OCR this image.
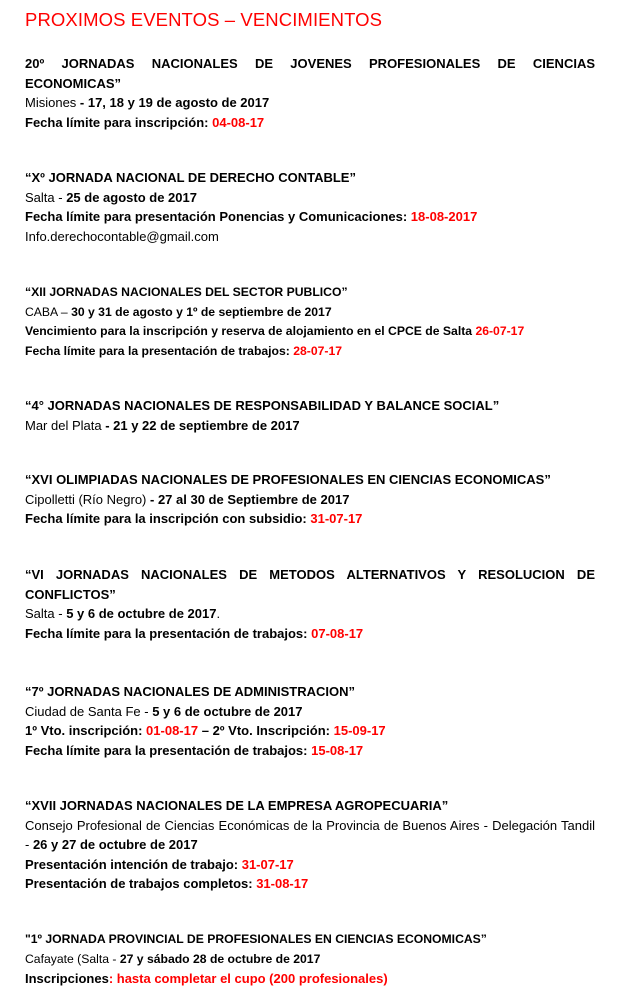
PROXIMOS EVENTOS – VENCIMIENTOS
20º JORNADAS NACIONALES DE JOVENES PROFESIONALES DE CIENCIAS ECONOMICAS”
Misiones - 17, 18 y 19 de agosto de 2017
Fecha límite para inscripción: 04-08-17
“Xº JORNADA NACIONAL DE DERECHO CONTABLE”
Salta - 25 de agosto de 2017
Fecha límite para presentación Ponencias y Comunicaciones: 18-08-2017
Info.derechocontable@gmail.com
“XII JORNADAS NACIONALES DEL SECTOR PUBLICO”
CABA – 30 y 31 de agosto y 1º de septiembre de 2017
Vencimiento para la inscripción y reserva de alojamiento en el CPCE de Salta 26-07-17
Fecha límite para la presentación de trabajos: 28-07-17
“4° JORNADAS NACIONALES DE RESPONSABILIDAD Y BALANCE SOCIAL”
Mar del Plata - 21 y 22 de septiembre de 2017
“XVI OLIMPIADAS NACIONALES DE PROFESIONALES EN CIENCIAS ECONOMICAS”
Cipolletti (Río Negro) - 27 al 30 de Septiembre de 2017
Fecha límite para la inscripción con subsidio: 31-07-17
“VI JORNADAS NACIONALES DE METODOS ALTERNATIVOS Y RESOLUCION DE CONFLICTOS”
Salta - 5 y 6 de octubre de 2017.
Fecha límite para la presentación de trabajos: 07-08-17
“7º JORNADAS NACIONALES DE ADMINISTRACION”
Ciudad de Santa Fe - 5 y 6 de octubre de 2017
1º Vto. inscripción: 01-08-17 – 2º Vto. Inscripción: 15-09-17
Fecha límite para la presentación de trabajos: 15-08-17
“XVII JORNADAS NACIONALES DE LA EMPRESA AGROPECUARIA”
Consejo Profesional de Ciencias Económicas de la Provincia de Buenos Aires - Delegación Tandil - 26 y 27 de octubre de 2017
Presentación intención de trabajo: 31-07-17
Presentación de trabajos completos: 31-08-17
"1º JORNADA PROVINCIAL DE PROFESIONALES EN CIENCIAS ECONOMICAS”
Cafayate (Salta - 27 y sábado 28 de octubre de 2017
Inscripciones: hasta completar el cupo (200 profesionales)
